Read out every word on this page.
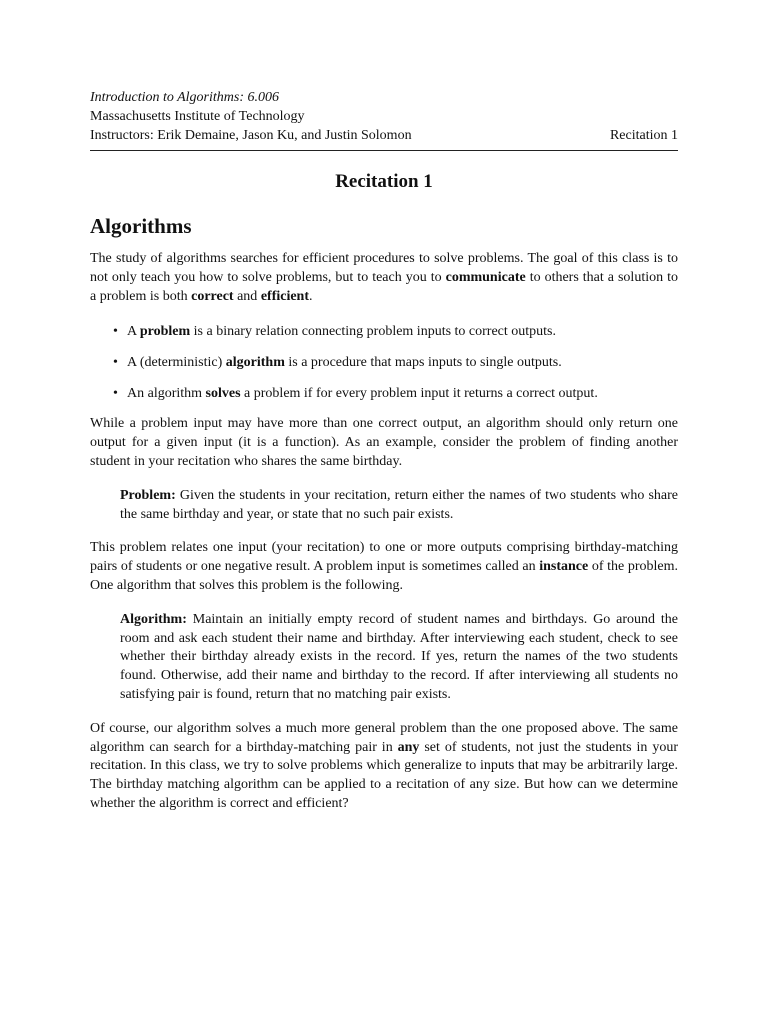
Introduction to Algorithms: 6.006

Massachusetts Institute of Technology

Instructors: Erik Demaine, Jason Ku, and Justin Solomon	Recitation 1
Recitation 1
Algorithms

The study of algorithms searches for efficient procedures to solve problems. The goal of this class is to not only teach you how to solve problems, but to teach you to communicate to others that a solution to a problem is both correct and efficient.

• A problem is a binary relation connecting problem inputs to correct outputs.
• A (deterministic) algorithm is a procedure that maps inputs to single outputs.
• An algorithm solves a problem if for every problem input it returns a correct output.

While a problem input may have more than one correct output, an algorithm should only return one output for a given input (it is a function). As an example, consider the problem of finding another student in your recitation who shares the same birthday.

Problem: Given the students in your recitation, return either the names of two students who share the same birthday and year, or state that no such pair exists.

This problem relates one input (your recitation) to one or more outputs comprising birthday-matching pairs of students or one negative result. A problem input is sometimes called an instance of the problem. One algorithm that solves this problem is the following.

Algorithm: Maintain an initially empty record of student names and birthdays. Go around the room and ask each student their name and birthday. After interviewing each student, check to see whether their birthday already exists in the record. If yes, return the names of the two students found. Otherwise, add their name and birthday to the record. If after interviewing all students no satisfying pair is found, return that no matching pair exists.

Of course, our algorithm solves a much more general problem than the one proposed above. The same algorithm can search for a birthday-matching pair in any set of students, not just the students in your recitation. In this class, we try to solve problems which generalize to inputs that may be arbitrarily large. The birthday matching algorithm can be applied to a recitation of any size. But how can we determine whether the algorithm is correct and efficient?
